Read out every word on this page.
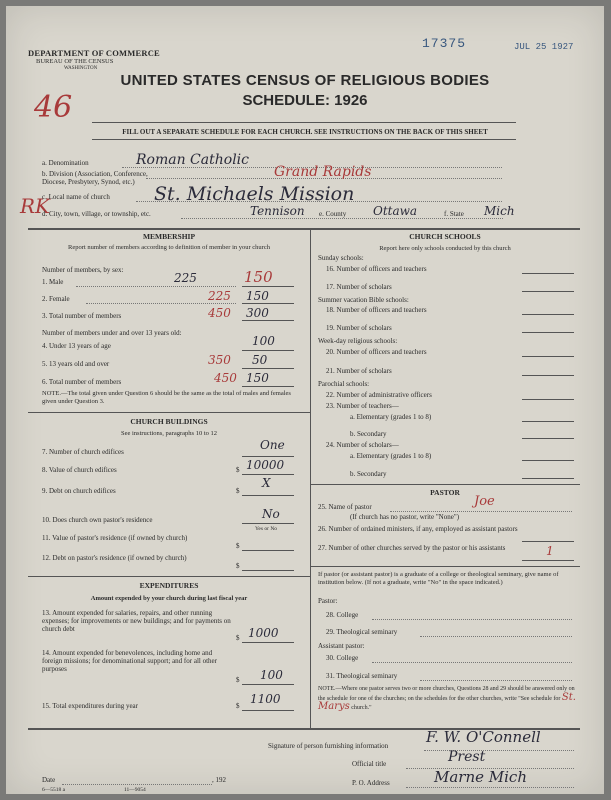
DEPARTMENT OF COMMERCE
BUREAU OF THE CENSUS
WASHINGTON
17375	JUL 25 1927
46
RK
UNITED STATES CENSUS OF RELIGIOUS BODIES
SCHEDULE: 1926
FILL OUT A SEPARATE SCHEDULE FOR EACH CHURCH. SEE INSTRUCTIONS ON THE BACK OF THIS SHEET
a. Denomination	Roman Catholic
b. Division (Association, Conference, Diocese, Presbytery, Synod, etc.)
Grand Rapids
c. Local name of church St. Michaels Mission
d. City, town, village, or township, etc.	Tennison e. County Ottawa	f. State Mich
MEMBERSHIP
Report number of members according to definition of member in your church
Number of members, by sex:
1. Male	225	150
2. Female	225 150
3. Total number of members	450 300
Number of members under and over 13 years old:
4. Under 13 years of age	100
5. 13 years old and over	350 50
6. Total number of members	450 150
NOTE.—The total given under Question 6 should be the same as the total of males and females given under Question 3.
CHURCH BUILDINGS
See instructions, paragraphs 10 to 12
7. Number of church edifices	One
8. Value of church edifices	$ 10000
9. Debt on church edifices	$
X
10. Does church own pastor's residence	No
Yes or No
11. Value of pastor's residence (if owned by church)
$
12. Debt on pastor's residence (if owned by church)
$
EXPENDITURES
Amount expended by your church during last fiscal year
13. Amount expended for salaries, repairs, and other running expenses; for improvements or new buildings; and for payments on church debt
$ 1000
14. Amount expended for benevolences, including home and foreign missions; for denominational support; and for all other purposes
$ 100
15. Total expenditures during year	$ 1100
CHURCH SCHOOLS
Report here only schools conducted by this church
Sunday schools:
16. Number of officers and teachers
17. Number of scholars
Summer vacation Bible schools:
18. Number of officers and teachers
19. Number of scholars
Week-day religious schools:
20. Number of officers and teachers
21. Number of scholars
Parochial schools:
22. Number of administrative officers
23. Number of teachers—
a. Elementary (grades 1 to 8)
b. Secondary
24. Number of scholars—
a. Elementary (grades 1 to 8)
b. Secondary
PASTOR
25. Name of pastor	Joe
(If church has no pastor, write "None")
26. Number of ordained ministers, if any, employed as assistant pastors
27. Number of other churches served by the pastor or his assistants	1
If pastor (or assistant pastor) is a graduate of a college or theological seminary, give name of institution below. (If not a graduate, write "No" in the space indicated.)
Pastor:
28. College
29. Theological seminary
Assistant pastor:
30. College
31. Theological seminary
NOTE.—Where one pastor serves two or more churches, Questions 28 and 29 should be answered only on the schedule for one of the churches; on the schedules for the other churches, write "See schedule for St. Marys church."
Signature of person furnishing information	F. W. O'Connell
Official title	Prest
P. O. Address	Marne Mich
Date	, 192
6—5518 a	11—9054
